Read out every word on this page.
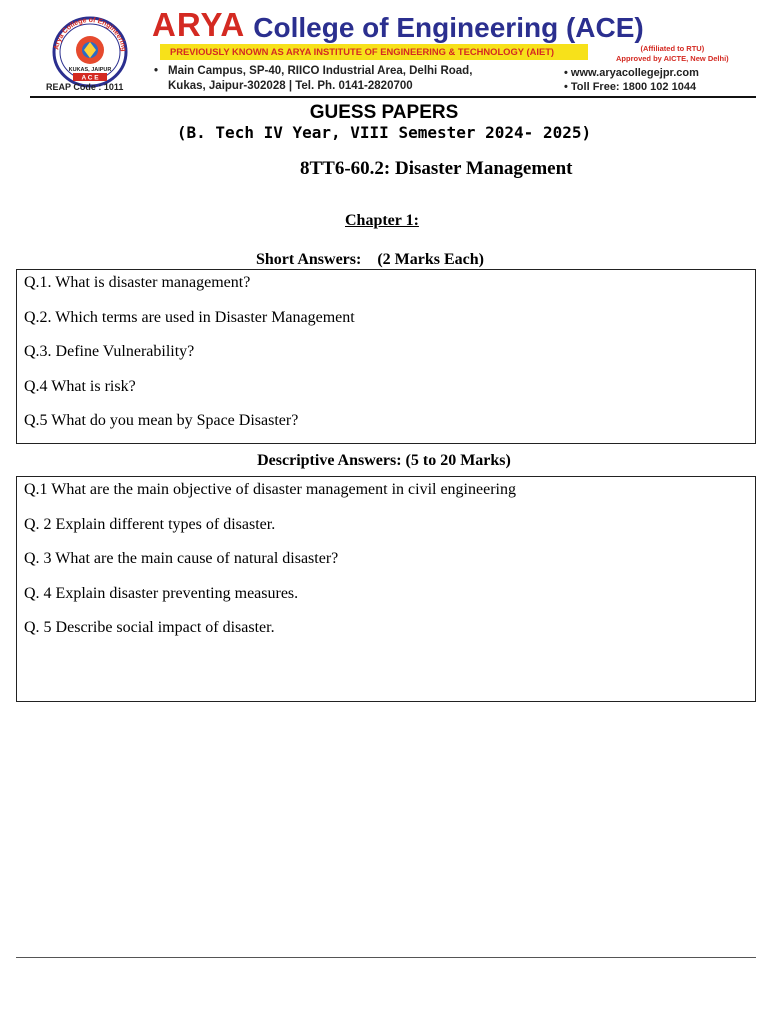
Arya College of Engineering
KUKAS, JAIPUR
A C E
REAP Code : 1011
ARYA College of Engineering (ACE)
PREVIOUSLY KNOWN AS ARYA INSTITUTE OF ENGINEERING & TECHNOLOGY (AIET)	(Affiliated to RTU)
Approved by AICTE, New Delhi)
• Main Campus, SP-40, RIICO Industrial Area, Delhi Road,
Kukas, Jaipur-302028 | Tel. Ph. 0141-2820700
• www.aryacollegejpr.com
• Toll Free: 1800 102 1044
GUESS PAPERS
(B. Tech IV Year, VIII Semester 2024- 2025)
8TT6-60.2: Disaster Management
Chapter 1:
Short Answers:    (2 Marks Each)
Q.1. What is disaster management?
Q.2. Which terms are used in Disaster Management
Q.3. Define Vulnerability?
Q.4 What is risk?
Q.5 What do you mean by Space Disaster?
Descriptive Answers: (5 to 20 Marks)
Q.1 What are the main objective of disaster management in civil engineering
Q. 2 Explain different types of disaster.
Q. 3 What are the main cause of natural disaster?
Q. 4 Explain disaster preventing measures.
Q. 5 Describe social impact of disaster.
